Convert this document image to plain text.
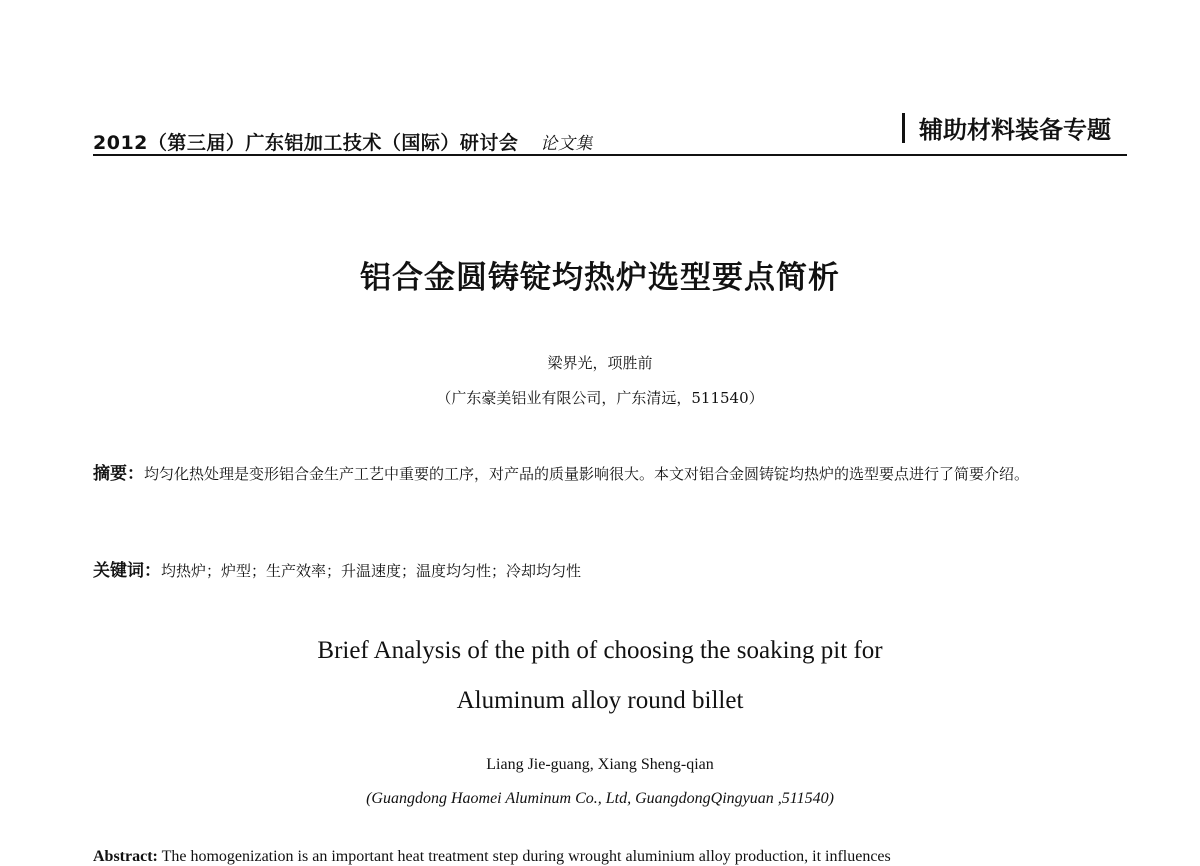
2012（第三届）广东铝加工技术（国际）研讨会 论文集	辅助材料装备专题
铝合金圆铸锭均热炉选型要点简析
梁界光，项胜前
（广东豪美铝业有限公司，广东清远，511540）
摘要：均匀化热处理是变形铝合金生产工艺中重要的工序，对产品的质量影响很大。本文对铝合金圆铸锭均热炉的选型要点进行了简要介绍。
关键词：均热炉；炉型；生产效率；升温速度；温度均匀性；冷却均匀性
Brief Analysis of the pith of choosing the soaking pit for
Aluminum alloy round billet
Liang Jie-guang, Xiang Sheng-qian
(Guangdong Haomei Aluminum Co., Ltd, GuangdongQingyuan ,511540)
Abstract: The homogenization is an important heat treatment step during wrought aluminium alloy production, it influences
